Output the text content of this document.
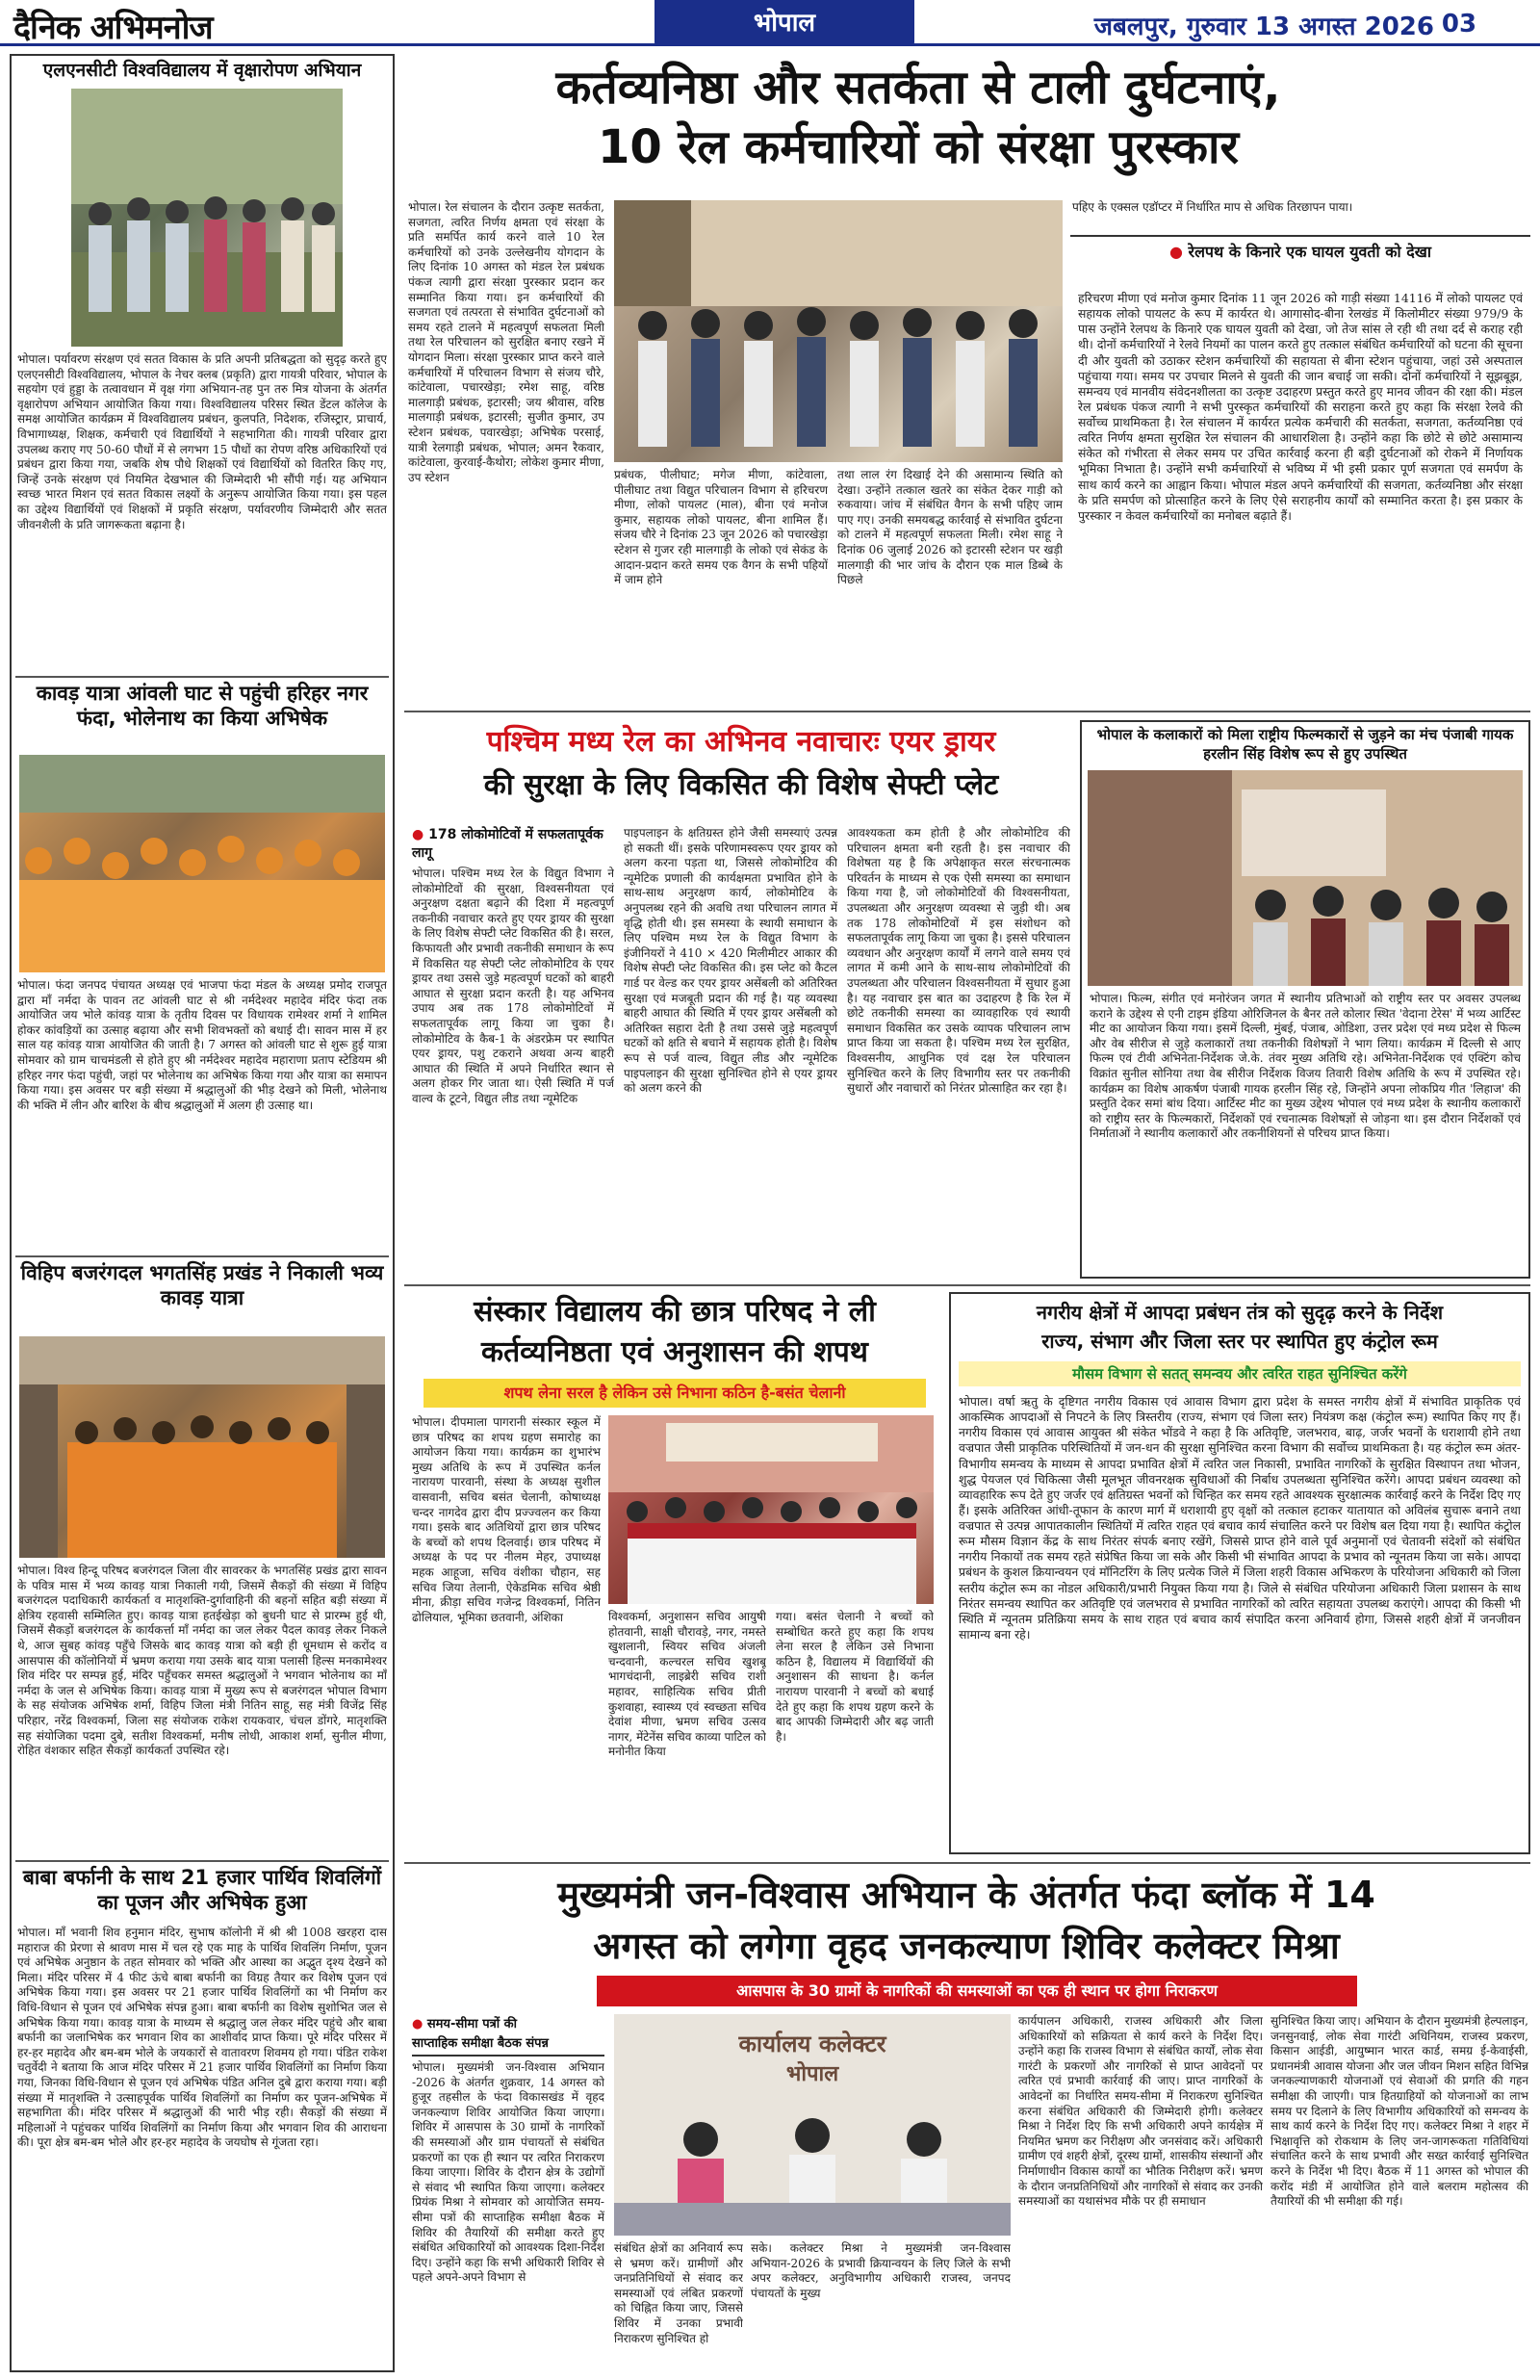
दैनिक अभिमनोज	भोपाल	जबलपुर, गुरुवार 13 अगस्त 2026 03
एलएनसीटी विश्वविद्यालय में वृक्षारोपण अभियान
भोपाल। पर्यावरण संरक्षण एवं सतत विकास के प्रति अपनी प्रतिबद्धता को सुदृढ़ करते हुए एलएनसीटी विश्वविद्यालय, भोपाल के नेचर क्लब (प्रकृति) द्वारा गायत्री परिवार, भोपाल के सहयोग एवं हुड्डा के तत्वावधान में वृक्ष गंगा अभियान-तह पुन तरु मित्र योजना के अंतर्गत वृक्षारोपण अभियान आयोजित किया गया। विश्वविद्यालय परिसर स्थित डेंटल कॉलेज के समक्ष आयोजित कार्यक्रम में विश्वविद्यालय प्रबंधन, कुलपति, निदेशक, रजिस्ट्रार, प्राचार्य, विभागाध्यक्ष, शिक्षक, कर्मचारी एवं विद्यार्थियों ने सहभागिता की। गायत्री परिवार द्वारा उपलब्ध कराए गए 50-60 पौधों में से लगभग 15 पौधों का रोपण वरिष्ठ अधिकारियों एवं प्रबंधन द्वारा किया गया, जबकि शेष पौधे शिक्षकों एवं विद्यार्थियों को वितरित किए गए, जिन्हें उनके संरक्षण एवं नियमित देखभाल की जिम्मेदारी भी सौंपी गई। यह अभियान स्वच्छ भारत मिशन एवं सतत विकास लक्ष्यों के अनुरूप आयोजित किया गया। इस पहल का उद्देश्य विद्यार्थियों एवं शिक्षकों में प्रकृति संरक्षण, पर्यावरणीय जिम्मेदारी और सतत जीवनशैली के प्रति जागरूकता बढ़ाना है।
कावड़ यात्रा आंवली घाट से पहुंची हरिहर नगर फंदा, भोलेनाथ का किया अभिषेक
भोपाल। फंदा जनपद पंचायत अध्यक्ष एवं भाजपा फंदा मंडल के अध्यक्ष प्रमोद राजपूत द्वारा माँ नर्मदा के पावन तट आंवली घाट से श्री नर्मदेश्वर महादेव मंदिर फंदा तक आयोजित जय भोले कांवड़ यात्रा के तृतीय दिवस पर विधायक रामेश्वर शर्मा ने शामिल होकर कांवड़ियों का उत्साह बढ़ाया और सभी शिवभक्तों को बधाई दी। सावन मास में हर साल यह कांवड़ यात्रा आयोजित की जाती है। 7 अगस्त को आंवली घाट से शुरू हुई यात्रा सोमवार को ग्राम चाचमंडली से होते हुए श्री नर्मदेश्वर महादेव महाराणा प्रताप स्टेडियम श्री हरिहर नगर फंदा पहुंची, जहां पर भोलेनाथ का अभिषेक किया गया और यात्रा का समापन किया गया। इस अवसर पर बड़ी संख्या में श्रद्धालुओं की भीड़ देखने को मिली, भोलेनाथ की भक्ति में लीन और बारिश के बीच श्रद्धालुओं में अलग ही उत्साह था।
विहिप बजरंगदल भगतसिंह प्रखंड ने निकाली भव्य कावड़ यात्रा
भोपाल। विश्व हिन्दू परिषद बजरंगदल जिला वीर सावरकर के भगतसिंह प्रखंड द्वारा सावन के पवित्र मास में भव्य कावड़ यात्रा निकाली गयी, जिसमें सैकड़ों की संख्या में विहिप बजरंगदल पदाधिकारी कार्यकर्ता व मातृशक्ति-दुर्गावाहिनी की बहनों सहित बड़ी संख्या में क्षेत्रिय रहवासी सम्मिलित हुए। कावड़ यात्रा हतईखेड़ा को बुधनी घाट से प्रारम्भ हुई थी, जिसमें सैकड़ों बजरंगदल के कार्यकर्त्ता माँ नर्मदा का जल लेकर पैदल कावड़ लेकर निकले थे, आज सुबह कांवड़ पहुँचे जिसके बाद कावड़ यात्रा को बड़ी ही धूमधाम से करोंद व आसपास की कॉलोनियों में भ्रमण कराया गया उसके बाद यात्रा पलासी हिल्स मनकामेश्वर शिव मंदिर पर सम्पन्न हुई, मंदिर पहुँचकर समस्त श्रद्धालुओं ने भगवान भोलेनाथ का माँ नर्मदा के जल से अभिषेक किया। कावड़ यात्रा में मुख्य रूप से बजरंगदल भोपाल विभाग के सह संयोजक अभिषेक शर्मा, विहिप जिला मंत्री नितिन साहू, सह मंत्री विजेंद्र सिंह परिहार, नरेंद्र विश्वकर्मा, जिला सह संयोजक राकेश रायकवार, चंचल डोंगरे, मातृशक्ति सह संयोजिका पदमा दुबे, सतीश विश्वकर्मा, मनीष लोधी, आकाश शर्मा, सुनील मीणा, रोहित वंशकार सहित सैकड़ों कार्यकर्ता उपस्थित रहे।
बाबा बर्फानी के साथ 21 हजार पार्थिव शिवलिंगों का पूजन और अभिषेक हुआ
भोपाल। माँ भवानी शिव हनुमान मंदिर, सुभाष कॉलोनी में श्री श्री 1008 खरहरा दास महाराज की प्रेरणा से श्रावण मास में चल रहे एक माह के पार्थिव शिवलिंग निर्माण, पूजन एवं अभिषेक अनुष्ठान के तहत सोमवार को भक्ति और आस्था का अद्भुत दृश्य देखने को मिला। मंदिर परिसर में 4 फीट ऊंचे बाबा बर्फानी का विग्रह तैयार कर विशेष पूजन एवं अभिषेक किया गया। इस अवसर पर 21 हजार पार्थिव शिवलिंगों का भी निर्माण कर विधि-विधान से पूजन एवं अभिषेक संपन्न हुआ। बाबा बर्फानी का विशेष सुशोभित जल से अभिषेक किया गया। कावड़ यात्रा के माध्यम से श्रद्धालु जल लेकर मंदिर पहुंचे और बाबा बर्फानी का जलाभिषेक कर भगवान शिव का आशीर्वाद प्राप्त किया। पूरे मंदिर परिसर में हर-हर महादेव और बम-बम भोले के जयकारों से वातावरण शिवमय हो गया। पंडित राकेश चतुर्वेदी ने बताया कि आज मंदिर परिसर में 21 हजार पार्थिव शिवलिंगों का निर्माण किया गया, जिनका विधि-विधान से पूजन एवं अभिषेक पंडित अनिल दुबे द्वारा कराया गया। बड़ी संख्या में मातृशक्ति ने उत्साहपूर्वक पार्थिव शिवलिंगों का निर्माण कर पूजन-अभिषेक में सहभागिता की। मंदिर परिसर में श्रद्धालुओं की भारी भीड़ रही। सैकड़ों की संख्या में महिलाओं ने पहुंचकर पार्थिव शिवलिंगों का निर्माण किया और भगवान शिव की आराधना की। पूरा क्षेत्र बम-बम भोले और हर-हर महादेव के जयघोष से गूंजता रहा।
कर्तव्यनिष्ठा और सतर्कता से टाली दुर्घटनाएं,
10 रेल कर्मचारियों को संरक्षा पुरस्कार
भोपाल। रेल संचालन के दौरान उत्कृष्ट सतर्कता, सजगता, त्वरित निर्णय क्षमता एवं संरक्षा के प्रति समर्पित कार्य करने वाले 10 रेल कर्मचारियों को उनके उल्लेखनीय योगदान के लिए दिनांक 10 अगस्त को मंडल रेल प्रबंधक पंकज त्यागी द्वारा संरक्षा पुरस्कार प्रदान कर सम्मानित किया गया। इन कर्मचारियों की सजगता एवं तत्परता से संभावित दुर्घटनाओं को समय रहते टालने में महत्वपूर्ण सफलता मिली तथा रेल परिचालन को सुरक्षित बनाए रखने में योगदान मिला। संरक्षा पुरस्कार प्राप्त करने वाले कर्मचारियों में परिचालन विभाग से संजय चौरे, कांटेवाला, पचारखेड़ा; रमेश साहू, वरिष्ठ मालगाड़ी प्रबंधक, इटारसी; जय श्रीवास, वरिष्ठ मालगाड़ी प्रबंधक, इटारसी; सुजीत कुमार, उप स्टेशन प्रबंधक, पवारखेड़ा; अभिषेक परसाई, यात्री रेलगाड़ी प्रबंधक, भोपाल; अमन रैकवार, कांटेवाला, कुरवाई-कैथोरा; लोकेश कुमार मीणा, उप स्टेशन	प्रबंधक, पीलीघाट; मगेज मीणा, कांटेवाला, पीलीघाट तथा विद्युत परिचालन विभाग से हरिचरण मीणा, लोको पायलट (माल), बीना एवं मनोज कुमार, सहायक लोको पायलट, बीना शामिल हैं। संजय चौरे ने दिनांक 23 जून 2026 को पचारखेड़ा स्टेशन से गुजर रही मालगाड़ी के लोको एवं सेकंड के आदान-प्रदान करते समय एक वैगन के सभी पहियों में जाम होने
तथा लाल रंग दिखाई देने की असामान्य स्थिति को देखा। उन्होंने तत्काल खतरे का संकेत देकर गाड़ी को रुकवाया। जांच में संबंधित वैगन के सभी पहिए जाम पाए गए। उनकी समयबद्ध कार्रवाई से संभावित दुर्घटना को टालने में महत्वपूर्ण सफलता मिली। रमेश साहू ने दिनांक 06 जुलाई 2026 को इटारसी स्टेशन पर खड़ी मालगाड़ी की भार जांच के दौरान एक माल डिब्बे के पिछले
पहिए के एक्सल एडॉप्टर में निर्धारित माप से अधिक तिरछापन पाया।
● रेलपथ के किनारे एक घायल युवती को देखा
हरिचरण मीणा एवं मनोज कुमार दिनांक 11 जून 2026 को गाड़ी संख्या 14116 में लोको पायलट एवं सहायक लोको पायलट के रूप में कार्यरत थे। आगासोद-बीना रेलखंड में किलोमीटर संख्या 979/9 के पास उन्होंने रेलपथ के किनारे एक घायल युवती को देखा, जो तेज सांस ले रही थी तथा दर्द से कराह रही थी। दोनों कर्मचारियों ने रेलवे नियमों का पालन करते हुए तत्काल संबंधित कर्मचारियों को घटना की सूचना दी और युवती को उठाकर स्टेशन कर्मचारियों की सहायता से बीना स्टेशन पहुंचाया, जहां उसे अस्पताल पहुंचाया गया। समय पर उपचार मिलने से युवती की जान बचाई जा सकी। दोनों कर्मचारियों ने सूझबूझ, समन्वय एवं मानवीय संवेदनशीलता का उत्कृष्ट उदाहरण प्रस्तुत करते हुए मानव जीवन की रक्षा की। मंडल रेल प्रबंधक पंकज त्यागी ने सभी पुरस्कृत कर्मचारियों की सराहना करते हुए कहा कि संरक्षा रेलवे की सर्वोच्च प्राथमिकता है। रेल संचालन में कार्यरत प्रत्येक कर्मचारी की सतर्कता, सजगता, कर्तव्यनिष्ठा एवं त्वरित निर्णय क्षमता सुरक्षित रेल संचालन की आधारशिला है। उन्होंने कहा कि छोटे से छोटे असामान्य संकेत को गंभीरता से लेकर समय पर उचित कार्रवाई करना ही बड़ी दुर्घटनाओं को रोकने में निर्णायक भूमिका निभाता है। उन्होंने सभी कर्मचारियों से भविष्य में भी इसी प्रकार पूर्ण सजगता एवं समर्पण के साथ कार्य करने का आह्वान किया। भोपाल मंडल अपने कर्मचारियों की सजगता, कर्तव्यनिष्ठा और संरक्षा के प्रति समर्पण को प्रोत्साहित करने के लिए ऐसे सराहनीय कार्यों को सम्मानित करता है। इस प्रकार के पुरस्कार न केवल कर्मचारियों का मनोबल बढ़ाते हैं।
पश्चिम मध्य रेल का अभिनव नवाचारः एयर ड्रायर
की सुरक्षा के लिए विकसित की विशेष सेफ्टी प्लेट
● 178 लोकोमोटिवों में सफलतापूर्वक लागू
भोपाल। पश्चिम मध्य रेल के विद्युत विभाग ने लोकोमोटिवों की सुरक्षा, विश्वसनीयता एवं अनुरक्षण दक्षता बढ़ाने की दिशा में महत्वपूर्ण तकनीकी नवाचार करते हुए एयर ड्रायर की सुरक्षा के लिए विशेष सेफ्टी प्लेट विकसित की है। सरल, किफायती और प्रभावी तकनीकी समाधान के रूप में विकसित यह सेफ्टी प्लेट लोकोमोटिव के एयर ड्रायर तथा उससे जुड़े महत्वपूर्ण घटकों को बाहरी आघात से सुरक्षा प्रदान करती है। यह अभिनव उपाय अब तक 178 लोकोमोटिवों में सफलतापूर्वक लागू किया जा चुका है। लोकोमोटिव के कैब-1 के अंडरफ्रेम पर स्थापित एयर ड्रायर, पशु टकराने अथवा अन्य बाहरी आघात की स्थिति में अपने निर्धारित स्थान से अलग होकर गिर जाता था। ऐसी स्थिति में पर्ज वाल्व के टूटने, विद्युत लीड तथा न्यूमेटिक
पाइपलाइन के क्षतिग्रस्त होने जैसी समस्याएं उत्पन्न हो सकती थीं। इसके परिणामस्वरूप एयर ड्रायर को अलग करना पड़ता था, जिससे लोकोमोटिव की न्यूमेटिक प्रणाली की कार्यक्षमता प्रभावित होने के साथ-साथ अनुरक्षण कार्य, लोकोमोटिव के अनुपलब्ध रहने की अवधि तथा परिचालन लागत में वृद्धि होती थी। इस समस्या के स्थायी समाधान के लिए पश्चिम मध्य रेल के विद्युत विभाग के इंजीनियरों ने 410 × 420 मिलीमीटर आकार की विशेष सेफ्टी प्लेट विकसित की। इस प्लेट को कैटल गार्ड पर वेल्ड कर एयर ड्रायर असेंबली को अतिरिक्त सुरक्षा एवं मजबूती प्रदान की गई है। यह व्यवस्था बाहरी आघात की स्थिति में एयर ड्रायर असेंबली को अतिरिक्त सहारा देती है तथा उससे जुड़े महत्वपूर्ण घटकों को क्षति से बचाने में सहायक होती है। विशेष रूप से पर्ज वाल्व, विद्युत लीड और न्यूमेटिक पाइपलाइन की सुरक्षा सुनिश्चित होने से एयर ड्रायर को अलग करने की
आवश्यकता कम होती है और लोकोमोटिव की परिचालन क्षमता बनी रहती है। इस नवाचार की विशेषता यह है कि अपेक्षाकृत सरल संरचनात्मक परिवर्तन के माध्यम से एक ऐसी समस्या का समाधान किया गया है, जो लोकोमोटिवों की विश्वसनीयता, उपलब्धता और अनुरक्षण व्यवस्था से जुड़ी थी। अब तक 178 लोकोमोटिवों में इस संशोधन को सफलतापूर्वक लागू किया जा चुका है। इससे परिचालन व्यवधान और अनुरक्षण कार्यों में लगने वाले समय एवं लागत में कमी आने के साथ-साथ लोकोमोटिवों की उपलब्धता और परिचालन विश्वसनीयता में सुधार हुआ है। यह नवाचार इस बात का उदाहरण है कि रेल में छोटे तकनीकी समस्या का व्यावहारिक एवं स्थायी समाधान विकसित कर उसके व्यापक परिचालन लाभ प्राप्त किया जा सकता है। पश्चिम मध्य रेल सुरक्षित, विश्वसनीय, आधुनिक एवं दक्ष रेल परिचालन सुनिश्चित करने के लिए विभागीय स्तर पर तकनीकी सुधारों और नवाचारों को निरंतर प्रोत्साहित कर रहा है।
भोपाल के कलाकारों को मिला राष्ट्रीय फिल्मकारों से जुड़ने का मंच पंजाबी गायक हरलीन सिंह विशेष रूप से हुए उपस्थित
भोपाल। फिल्म, संगीत एवं मनोरंजन जगत में स्थानीय प्रतिभाओं को राष्ट्रीय स्तर पर अवसर उपलब्ध कराने के उद्देश्य से एनी टाइम इंडिया ओरिजिनल के बैनर तले कोलार स्थित 'वेदाना टेरेस' में भव्य आर्टिस्ट मीट का आयोजन किया गया। इसमें दिल्ली, मुंबई, पंजाब, ओडिशा, उत्तर प्रदेश एवं मध्य प्रदेश से फिल्म और वेब सीरीज से जुड़े कलाकारों तथा तकनीकी विशेषज्ञों ने भाग लिया। कार्यक्रम में दिल्ली से आए फिल्म एवं टीवी अभिनेता-निर्देशक जे.के. तंवर मुख्य अतिथि रहे। अभिनेता-निर्देशक एवं एक्टिंग कोच विक्रांत सुनील सोनिया तथा वेब सीरीज निर्देशक विजय तिवारी विशेष अतिथि के रूप में उपस्थित रहे। कार्यक्रम का विशेष आकर्षण पंजाबी गायक हरलीन सिंह रहे, जिन्होंने अपना लोकप्रिय गीत 'लिहाज' की प्रस्तुति देकर समां बांध दिया। आर्टिस्ट मीट का मुख्य उद्देश्य भोपाल एवं मध्य प्रदेश के स्थानीय कलाकारों को राष्ट्रीय स्तर के फिल्मकारों, निर्देशकों एवं रचनात्मक विशेषज्ञों से जोड़ना था। इस दौरान निर्देशकों एवं निर्माताओं ने स्थानीय कलाकारों और तकनीशियनों से परिचय प्राप्त किया।
संस्कार विद्यालय की छात्र परिषद ने ली
कर्तव्यनिष्ठता एवं अनुशासन की शपथ
शपथ लेना सरल है लेकिन उसे निभाना कठिन है-बसंत चेलानी
भोपाल। दीपमाला पागरानी संस्कार स्कूल में छात्र परिषद का शपथ ग्रहण समारोह का आयोजन किया गया। कार्यक्रम का शुभारंभ मुख्य अतिथि के रूप में उपस्थित कर्नल नारायण पारवानी, संस्था के अध्यक्ष सुशील वासवानी, सचिव बसंत चेलानी, कोषाध्यक्ष चन्दर नागदेव द्वारा दीप प्रज्ज्वलन कर किया गया। इसके बाद अतिथियों द्वारा छात्र परिषद के बच्चों को शपथ दिलवाई। छात्र परिषद में अध्यक्ष के पद पर नीलम मेहर, उपाध्यक्ष महक आहूजा, सचिव वंशीका चौहान, सह सचिव जिया तेलानी, ऐकेडमिक सचिव श्रेष्ठी मीना, क्रीड़ा सचिव गजेन्द्र विश्वकर्मा, नितिन ढोलियाल, भूमिका छतवानी, अंशिका	विश्वकर्मा, अनुशासन सचिव आयुषी होतवानी, साक्षी चौरावड़े, नगर, नमस्ते खुशलानी, स्वियर सचिव अंजली चन्दवानी, कल्चरल सचिव खुशबू भागचंदानी, लाइब्रेरी सचिव राशी महावर, साहित्यिक सचिव प्रीती कुशवाहा, स्वास्थ्य एवं स्वच्छता सचिव देवांश मीणा, भ्रमण सचिव उत्सव नागर, मेंटेनेंस सचिव काव्या पाटिल को मनोनीत किया
गया। बसंत चेलानी ने बच्चों को सम्बोधित करते हुए कहा कि शपथ लेना सरल है लेकिन उसे निभाना कठिन है, विद्यालय में विद्यार्थियों की अनुशासन की साधना है। कर्नल नारायण पारवानी ने बच्चों को बधाई देते हुए कहा कि शपथ ग्रहण करने के बाद आपकी जिम्मेदारी और बढ़ जाती है।
नगरीय क्षेत्रों में आपदा प्रबंधन तंत्र को सुदृढ़ करने के निर्देश
राज्य, संभाग और जिला स्तर पर स्थापित हुए कंट्रोल रूम
मौसम विभाग से सतत् समन्वय और त्वरित राहत सुनिश्चित करेंगे
भोपाल। वर्षा ऋतु के दृष्टिगत नगरीय विकास एवं आवास विभाग द्वारा प्रदेश के समस्त नगरीय क्षेत्रों में संभावित प्राकृतिक एवं आकस्मिक आपदाओं से निपटने के लिए त्रिस्तरीय (राज्य, संभाग एवं जिला स्तर) नियंत्रण कक्ष (कंट्रोल रूम) स्थापित किए गए हैं। नगरीय विकास एवं आवास आयुक्त श्री संकेत भोंडवे ने कहा है कि अतिवृष्टि, जलभराव, बाढ़, जर्जर भवनों के धराशायी होने तथा वज्रपात जैसी प्राकृतिक परिस्थितियों में जन-धन की सुरक्षा सुनिश्चित करना विभाग की सर्वोच्च प्राथमिकता है। यह कंट्रोल रूम अंतर-विभागीय समन्वय के माध्यम से आपदा प्रभावित क्षेत्रों में त्वरित जल निकासी, प्रभावित नागरिकों के सुरक्षित विस्थापन तथा भोजन, शुद्ध पेयजल एवं चिकित्सा जैसी मूलभूत जीवनरक्षक सुविधाओं की निर्बाध उपलब्धता सुनिश्चित करेंगे। आपदा प्रबंधन व्यवस्था को व्यावहारिक रूप देते हुए जर्जर एवं क्षतिग्रस्त भवनों को चिन्हित कर समय रहते आवश्यक सुरक्षात्मक कार्रवाई करने के निर्देश दिए गए हैं। इसके अतिरिक्त आंधी-तूफान के कारण मार्ग में धराशायी हुए वृक्षों को तत्काल हटाकर यातायात को अविलंब सुचारू बनाने तथा वज्रपात से उत्पन्न आपातकालीन स्थितियों में त्वरित राहत एवं बचाव कार्य संचालित करने पर विशेष बल दिया गया है। स्थापित कंट्रोल रूम मौसम विज्ञान केंद्र के साथ निरंतर संपर्क बनाए रखेंगे, जिससे प्राप्त होने वाले पूर्व अनुमानों एवं चेतावनी संदेशों को संबंधित नगरीय निकायों तक समय रहते संप्रेषित किया जा सके और किसी भी संभावित आपदा के प्रभाव को न्यूनतम किया जा सके। आपदा प्रबंधन के कुशल क्रियान्वयन एवं मॉनिटरिंग के लिए प्रत्येक जिले में जिला शहरी विकास अभिकरण के परियोजना अधिकारी को जिला स्तरीय कंट्रोल रूम का नोडल अधिकारी/प्रभारी नियुक्त किया गया है। जिले से संबंधित परियोजना अधिकारी जिला प्रशासन के साथ निरंतर समन्वय स्थापित कर अतिवृष्टि एवं जलभराव से प्रभावित नागरिकों को त्वरित सहायता उपलब्ध कराएंगे। आपदा की किसी भी स्थिति में न्यूनतम प्रतिक्रिया समय के साथ राहत एवं बचाव कार्य संपादित करना अनिवार्य होगा, जिससे शहरी क्षेत्रों में जनजीवन सामान्य बना रहे।
मुख्यमंत्री जन-विश्वास अभियान के अंतर्गत फंदा ब्लॉक में 14
अगस्त को लगेगा वृहद जनकल्याण शिविर कलेक्टर मिश्रा
आसपास के 30 ग्रामों के नागरिकों की समस्याओं का एक ही स्थान पर होगा निराकरण
● समय-सीमा पत्रों की
साप्ताहिक समीक्षा बैठक संपन्न
भोपाल। मुख्यमंत्री जन-विश्वास अभियान -2026 के अंतर्गत शुक्रवार, 14 अगस्त को हुजूर तहसील के फंदा विकासखंड में वृहद जनकल्याण शिविर आयोजित किया जाएगा। शिविर में आसपास के 30 ग्रामों के नागरिकों की समस्याओं और ग्राम पंचायतों से संबंधित प्रकरणों का एक ही स्थान पर त्वरित निराकरण किया जाएगा। शिविर के दौरान क्षेत्र के उद्योगों से संवाद भी स्थापित किया जाएगा। कलेक्टर प्रियंक मिश्रा ने सोमवार को आयोजित समय-सीमा पत्रों की साप्ताहिक समीक्षा बैठक में शिविर की तैयारियों की समीक्षा करते हुए संबंधित अधिकारियों को आवश्यक दिशा-निर्देश दिए। उन्होंने कहा कि सभी अधिकारी शिविर से पहले अपने-अपने विभाग से
कार्यालय कलेक्टर
भोपाल
संबंधित क्षेत्रों का अनिवार्य रूप से भ्रमण करें। ग्रामीणों और जनप्रतिनिधियों से संवाद कर समस्याओं एवं लंबित प्रकरणों को चिह्नित किया जाए, जिससे शिविर में उनका प्रभावी निराकरण सुनिश्चित हो
सके। कलेक्टर मिश्रा ने मुख्यमंत्री जन-विश्वास अभियान-2026 के प्रभावी क्रियान्वयन के लिए जिले के सभी अपर कलेक्टर, अनुविभागीय अधिकारी राजस्व, जनपद पंचायतों के मुख्य
कार्यपालन अधिकारी, राजस्व अधिकारी और जिला अधिकारियों को सक्रियता से कार्य करने के निर्देश दिए। उन्होंने कहा कि राजस्व विभाग से संबंधित कार्यों, लोक सेवा गारंटी के प्रकरणों और नागरिकों से प्राप्त आवेदनों पर त्वरित एवं प्रभावी कार्रवाई की जाए। प्राप्त नागरिकों के आवेदनों का निर्धारित समय-सीमा में निराकरण सुनिश्चित करना संबंधित अधिकारी की जिम्मेदारी होगी। कलेक्टर मिश्रा ने निर्देश दिए कि सभी अधिकारी अपने कार्यक्षेत्र में नियमित भ्रमण कर निरीक्षण और जनसंवाद करें। अधिकारी ग्रामीण एवं शहरी क्षेत्रों, दूरस्थ ग्रामों, शासकीय संस्थानों और निर्माणाधीन विकास कार्यों का भौतिक निरीक्षण करें। भ्रमण के दौरान जनप्रतिनिधियों और नागरिकों से संवाद कर उनकी समस्याओं का यथासंभव मौके पर ही समाधान
सुनिश्चित किया जाए। अभियान के दौरान मुख्यमंत्री हेल्पलाइन, जनसुनवाई, लोक सेवा गारंटी अधिनियम, राजस्व प्रकरण, किसान आईडी, आयुष्मान भारत कार्ड, समग्र ई-केवाईसी, प्रधानमंत्री आवास योजना और जल जीवन मिशन सहित विभिन्न जनकल्याणकारी योजनाओं एवं सेवाओं की प्रगति की गहन समीक्षा की जाएगी। पात्र हितग्राहियों को योजनाओं का लाभ समय पर दिलाने के लिए विभागीय अधिकारियों को समन्वय के साथ कार्य करने के निर्देश दिए गए। कलेक्टर मिश्रा ने शहर में भिक्षावृत्ति को रोकथाम के लिए जन-जागरूकता गतिविधियां संचालित करने के साथ प्रभावी और सख्त कार्रवाई सुनिश्चित करने के निर्देश भी दिए। बैठक में 11 अगस्त को भोपाल की करोंद मंडी में आयोजित होने वाले बलराम महोत्सव की तैयारियों की भी समीक्षा की गई।
